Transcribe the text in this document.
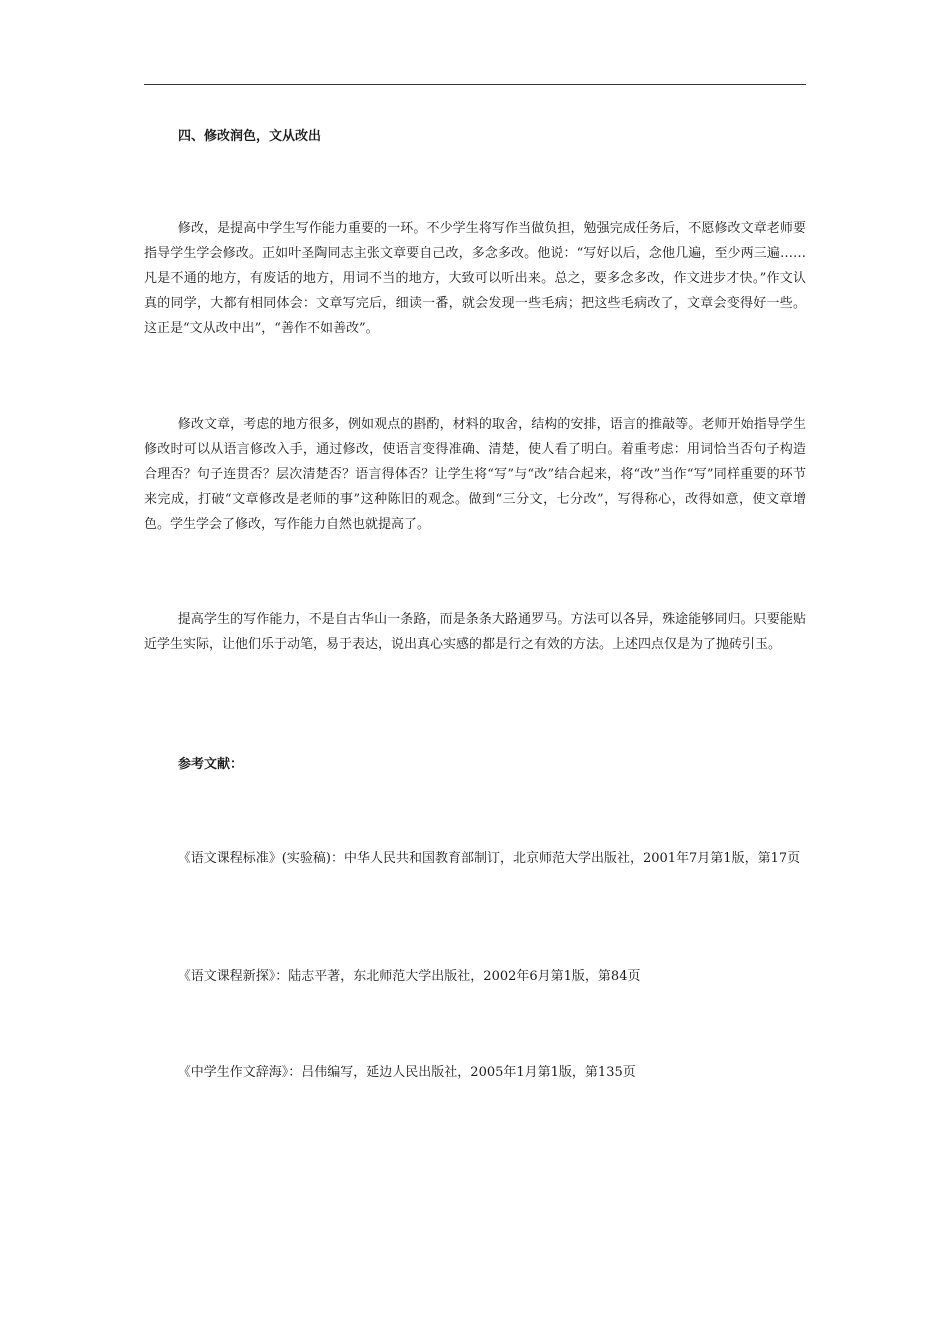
四、修改润色，文从改出

修改，是提高中学生写作能力重要的一环。不少学生将写作当做负担，勉强完成任务后，不愿修改文章老师要指导学生学会修改。正如叶圣陶同志主张文章要自己改，多念多改。他说：“写好以后，念他几遍，至少两三遍……凡是不通的地方，有废话的地方，用词不当的地方，大致可以听出来。总之，要多念多改，作文进步才快。”作文认真的同学，大都有相同体会：文章写完后，细读一番，就会发现一些毛病；把这些毛病改了，文章会变得好一些。这正是“文从改中出”，“善作不如善改”。

修改文章，考虑的地方很多，例如观点的斟酌，材料的取舍，结构的安排，语言的推敲等。老师开始指导学生修改时可以从语言修改入手，通过修改，使语言变得准确、清楚，使人看了明白。着重考虑：用词恰当否句子构造合理否？句子连贯否？层次清楚否？语言得体否？让学生将“写”与“改”结合起来，将“改”当作“写”同样重要的环节来完成，打破“文章修改是老师的事”这种陈旧的观念。做到“三分文，七分改”，写得称心，改得如意，使文章增色。学生学会了修改，写作能力自然也就提高了。

提高学生的写作能力，不是自古华山一条路，而是条条大路通罗马。方法可以各异，殊途能够同归。只要能贴近学生实际，让他们乐于动笔，易于表达，说出真心实感的都是行之有效的方法。上述四点仅是为了抛砖引玉。

参考文献：

《语文课程标准》(实验稿)：中华人民共和国教育部制订，北京师范大学出版社，2001年7月第1版，第17页

《语文课程新探》：陆志平著，东北师范大学出版社，2002年6月第1版，第84页

《中学生作文辞海》：吕伟编写，延边人民出版社，2005年1月第1版，第135页
